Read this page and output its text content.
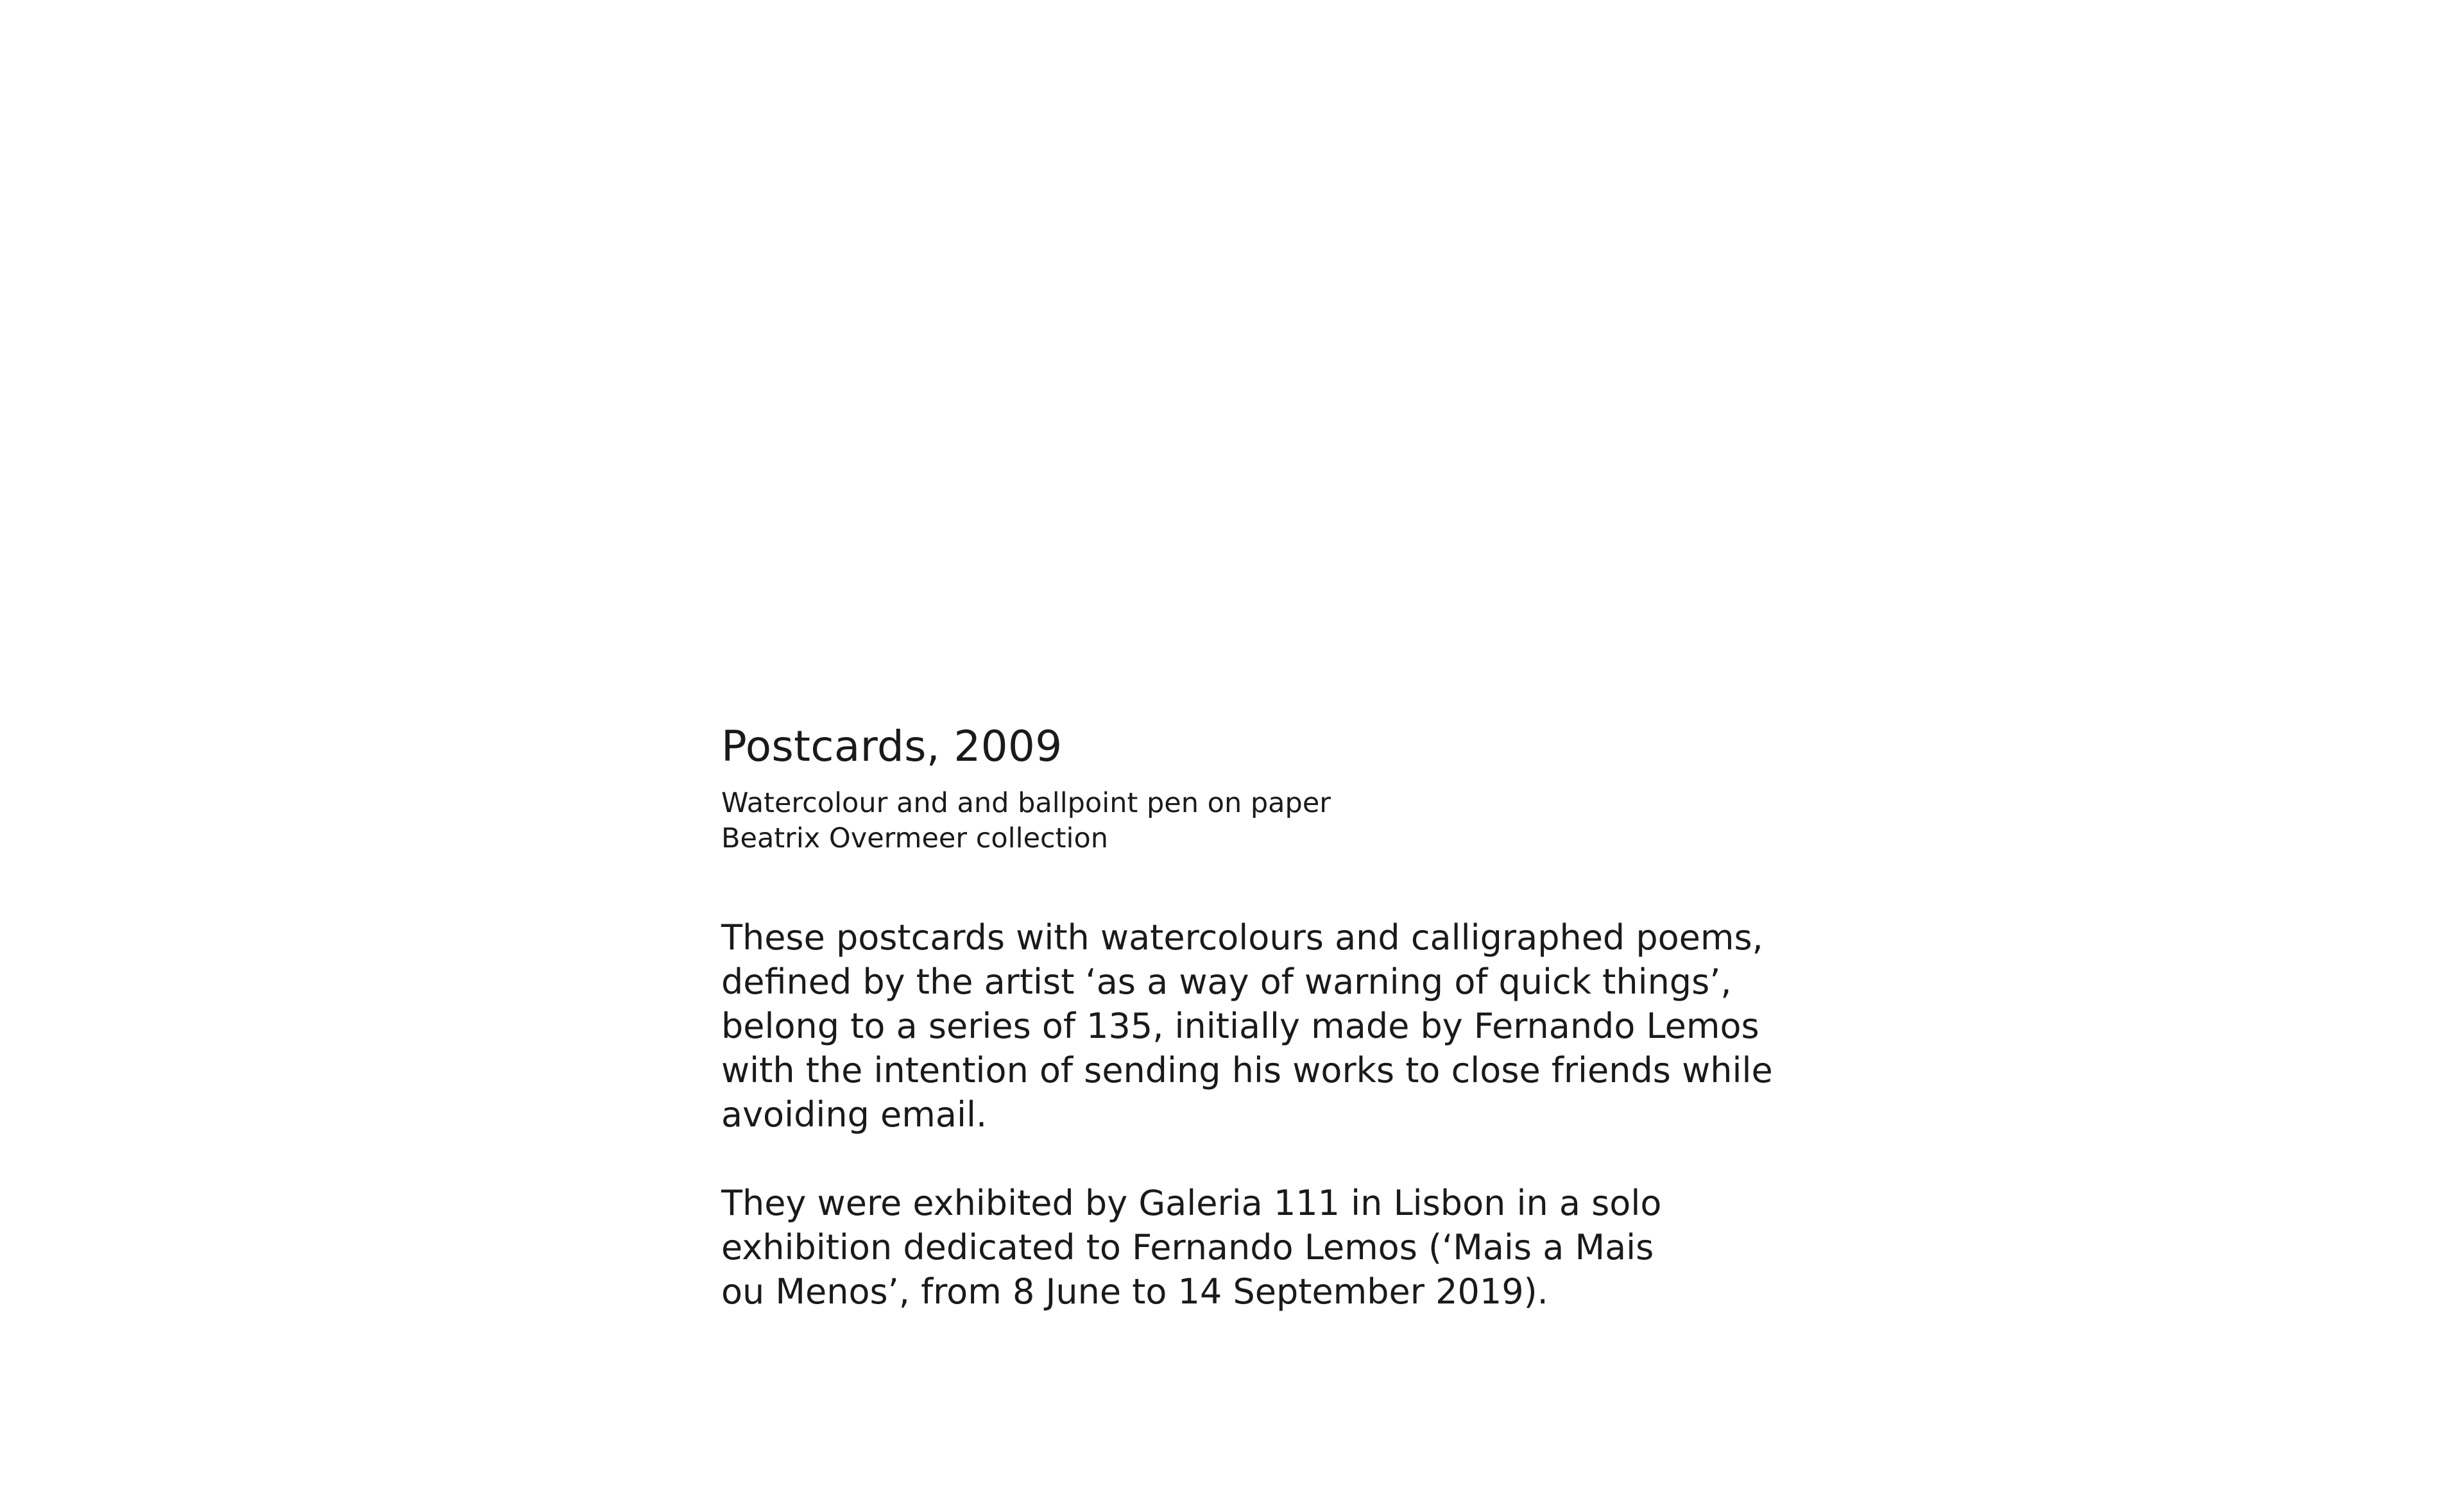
Postcards, 2009
Watercolour and and ballpoint pen on paper
Beatrix Overmeer collection

These postcards with watercolours and calligraphed poems,
defined by the artist ‘as a way of warning of quick things’,
belong to a series of 135, initially made by Fernando Lemos
with the intention of sending his works to close friends while
avoiding email.

They were exhibited by Galeria 111 in Lisbon in a solo
exhibition dedicated to Fernando Lemos (‘Mais a Mais
ou Menos’, from 8 June to 14 September 2019).
